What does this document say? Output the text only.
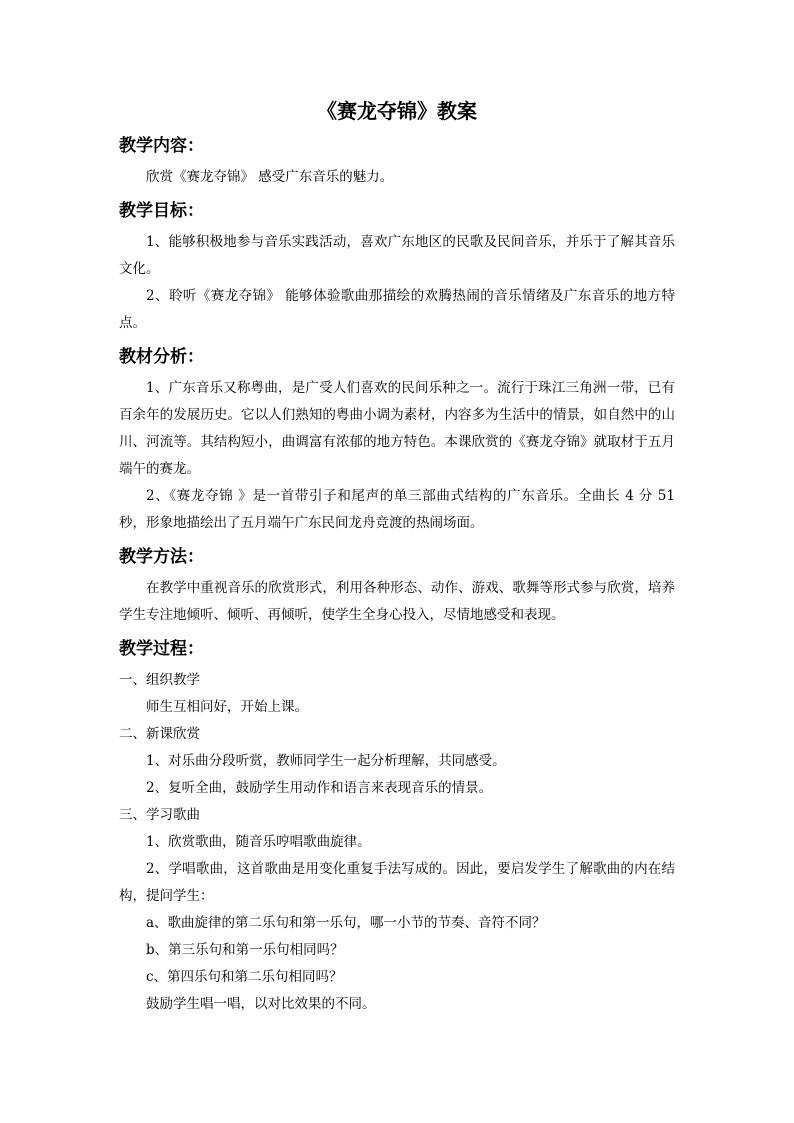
《赛龙夺锦》教案
教学内容：

欣赏《赛龙夺锦》 感受广东音乐的魅力。

教学目标：

1、能够积极地参与音乐实践活动，喜欢广东地区的民歌及民间音乐，并乐于了解其音乐文化。

2、聆听《赛龙夺锦》 能够体验歌曲那描绘的欢腾热闹的音乐情绪及广东音乐的地方特点。

教材分析：

1、广东音乐又称粤曲，是广受人们喜欢的民间乐种之一。流行于珠江三角洲一带，已有百余年的发展历史。它以人们熟知的粤曲小调为素材，内容多为生活中的情景，如自然中的山川、河流等。其结构短小，曲调富有浓郁的地方特色。本课欣赏的《赛龙夺锦》就取材于五月端午的赛龙。

2、《赛龙夺锦 》是一首带引子和尾声的单三部曲式结构的广东音乐。全曲长 4 分 51 秒，形象地描绘出了五月端午广东民间龙舟竞渡的热闹场面。

教学方法：

在教学中重视音乐的欣赏形式，利用各种形态、动作、游戏、歌舞等形式参与欣赏，培养学生专注地倾听、倾听、再倾听，使学生全身心投入，尽情地感受和表现。

教学过程：
一、组织教学

师生互相问好，开始上课。

二、新课欣赏

1、对乐曲分段听赏，教师同学生一起分析理解，共同感受。

2、复听全曲，鼓励学生用动作和语言来表现音乐的情景。

三、学习歌曲

1、欣赏歌曲，随音乐哼唱歌曲旋律。

2、学唱歌曲，这首歌曲是用变化重复手法写成的。因此，要启发学生了解歌曲的内在结构，提问学生：

a、歌曲旋律的第二乐句和第一乐句，哪一小节的节奏、音符不同？

b、第三乐句和第一乐句相同吗？

c、第四乐句和第二乐句相同吗？

鼓励学生唱一唱，以对比效果的不同。
